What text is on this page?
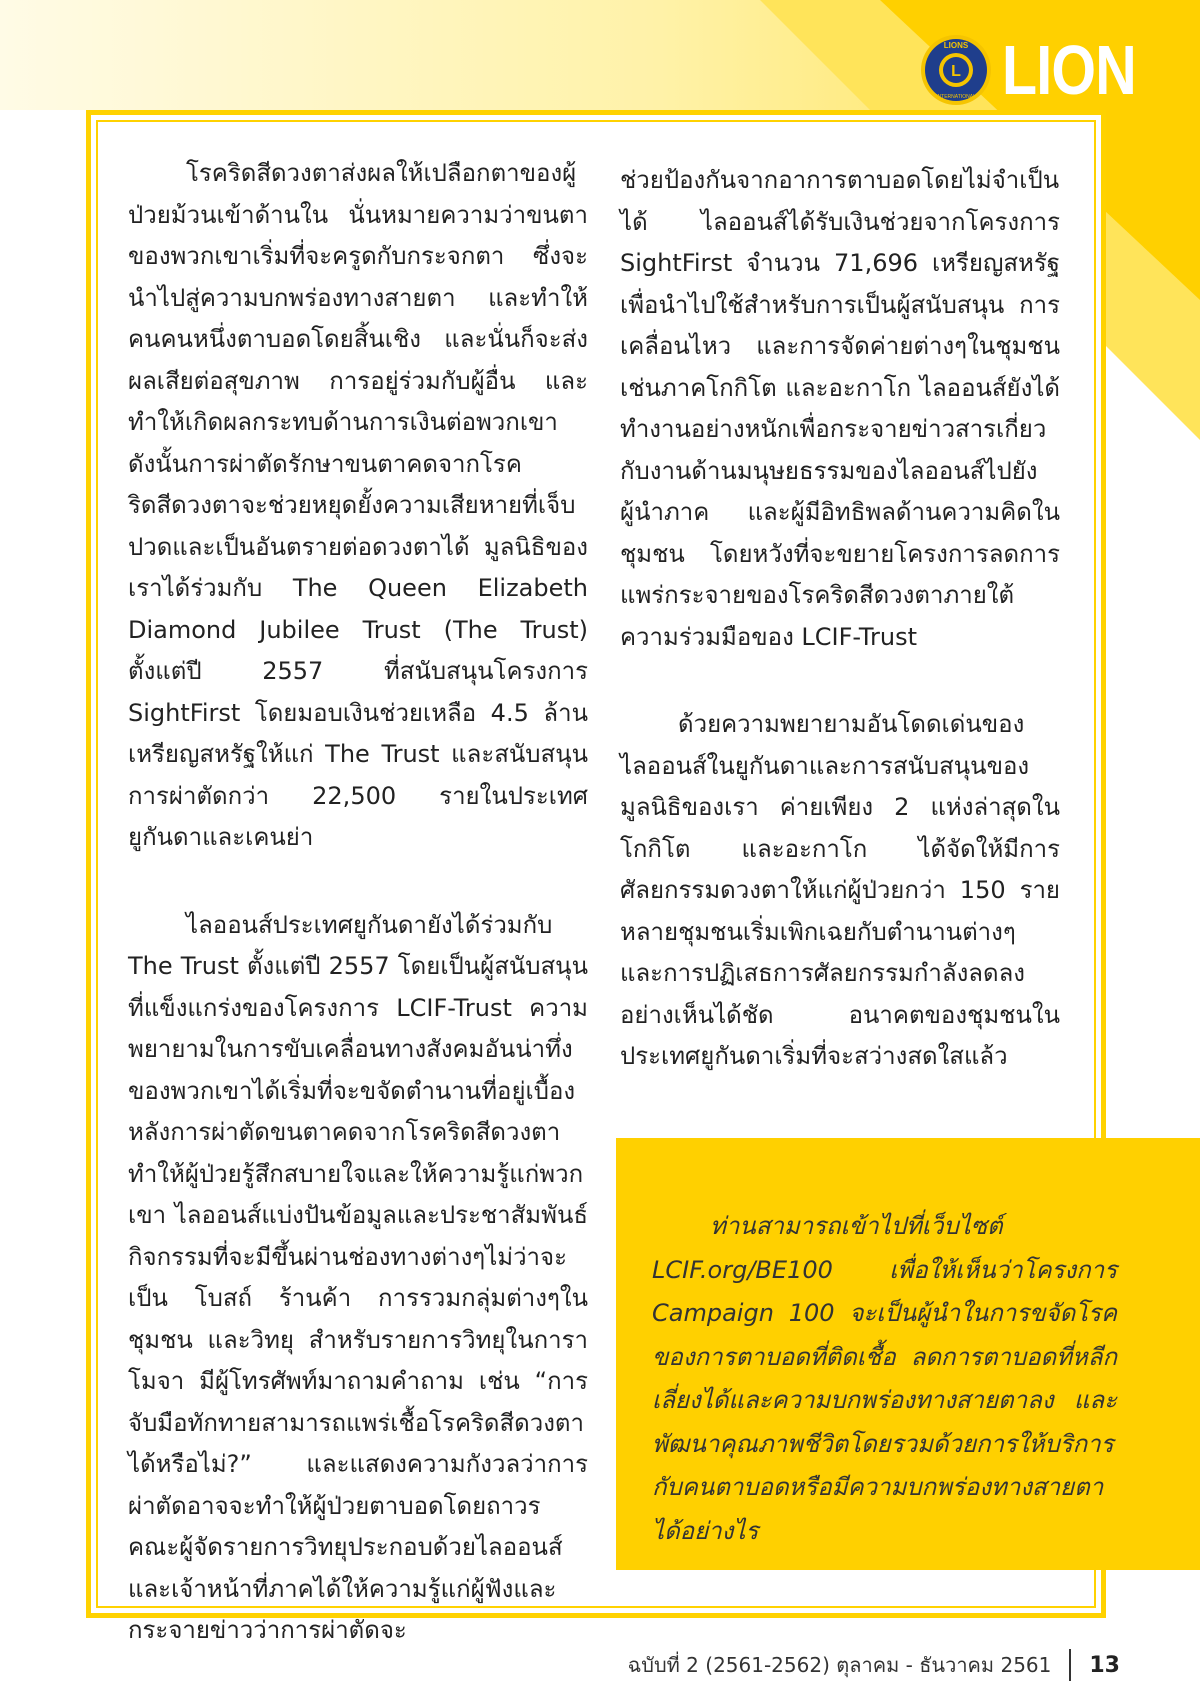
L
LIONS
INTERNATIONAL LION

โรคริดสีดวงตาส่งผลให้เปลือกตาของผู้ป่วยม้วนเข้าด้านใน นั่นหมายความว่าขนตาของพวกเขาเริ่มที่จะครูดกับกระจกตา ซึ่งจะนำไปสู่ความบกพร่องทางสายตา และทำให้คนคนหนึ่งตาบอดโดยสิ้นเชิง และนั่นก็จะส่งผลเสียต่อสุขภาพ การอยู่ร่วมกับผู้อื่น และทำให้เกิดผลกระทบด้านการเงินต่อพวกเขา ดังนั้นการผ่าตัดรักษาขนตาคดจากโรคริดสีดวงตาจะช่วยหยุดยั้งความเสียหายที่เจ็บปวดและเป็นอันตรายต่อดวงตาได้ มูลนิธิของเราได้ร่วมกับ The Queen Elizabeth Diamond Jubilee Trust (The Trust) ตั้งแต่ปี 2557 ที่สนับสนุนโครงการ SightFirst โดยมอบเงินช่วยเหลือ 4.5 ล้านเหรียญสหรัฐให้แก่ The Trust และสนับสนุนการผ่าตัดกว่า 22,500 รายในประเทศยูกันดาและเคนย่า

ไลออนส์ประเทศยูกันดายังได้ร่วมกับ The Trust ตั้งแต่ปี 2557 โดยเป็นผู้สนับสนุนที่แข็งแกร่งของโครงการ LCIF-Trust ความพยายามในการขับเคลื่อนทางสังคมอันน่าทึ่งของพวกเขาได้เริ่มที่จะขจัดตำนานที่อยู่เบื้องหลังการผ่าตัดขนตาคดจากโรคริดสีดวงตาทำให้ผู้ป่วยรู้สึกสบายใจและให้ความรู้แก่พวกเขา ไลออนส์แบ่งปันข้อมูลและประชาสัมพันธ์กิจกรรมที่จะมีขึ้นผ่านช่องทางต่างๆไม่ว่าจะเป็น โบสถ์ ร้านค้า การรวมกลุ่มต่างๆในชุมชน และวิทยุ สำหรับรายการวิทยุในการาโมจา มีผู้โทรศัพท์มาถามคำถาม เช่น “การจับมือทักทายสามารถแพร่เชื้อโรคริดสีดวงตาได้หรือไม่?” และแสดงความกังวลว่าการผ่าตัดอาจจะทำให้ผู้ป่วยตาบอดโดยถาวร คณะผู้จัดรายการวิทยุประกอบด้วยไลออนส์และเจ้าหน้าที่ภาคได้ให้ความรู้แก่ผู้ฟังและกระจายข่าวว่าการผ่าตัดจะ

ช่วยป้องกันจากอาการตาบอดโดยไม่จำเป็นได้ ไลออนส์ได้รับเงินช่วยจากโครงการ SightFirst จำนวน 71,696 เหรียญสหรัฐเพื่อนำไปใช้สำหรับการเป็นผู้สนับสนุน การเคลื่อนไหว และการจัดค่ายต่างๆในชุมชน เช่นภาคโกกิโต และอะกาโก ไลออนส์ยังได้ทำงานอย่างหนักเพื่อกระจายข่าวสารเกี่ยวกับงานด้านมนุษยธรรมของไลออนส์ไปยังผู้นำภาค และผู้มีอิทธิพลด้านความคิดในชุมชน โดยหวังที่จะขยายโครงการลดการแพร่กระจายของโรคริดสีดวงตาภายใต้ความร่วมมือของ LCIF-Trust

ด้วยความพยายามอันโดดเด่นของไลออนส์ในยูกันดาและการสนับสนุนของมูลนิธิของเรา ค่ายเพียง 2 แห่งล่าสุดในโกกิโต และอะกาโก ได้จัดให้มีการศัลยกรรมดวงตาให้แก่ผู้ป่วยกว่า 150 ราย หลายชุมชนเริ่มเพิกเฉยกับตำนานต่างๆ และการปฏิเสธการศัลยกรรมกำลังลดลงอย่างเห็นได้ชัด อนาคตของชุมชนในประเทศยูกันดาเริ่มที่จะสว่างสดใสแล้ว

ท่านสามารถเข้าไปที่เว็บไซต์ LCIF.org/BE100 เพื่อให้เห็นว่าโครงการ Campaign 100 จะเป็นผู้นำในการขจัดโรคของการตาบอดที่ติดเชื้อ ลดการตาบอดที่หลีกเลี่ยงได้และความบกพร่องทางสายตาลง และพัฒนาคุณภาพชีวิตโดยรวมด้วยการให้บริการกับคนตาบอดหรือมีความบกพร่องทางสายตาได้อย่างไร

ฉบับที่ 2 (2561-2562) ตุลาคม - ธันวาคม 2561 13
